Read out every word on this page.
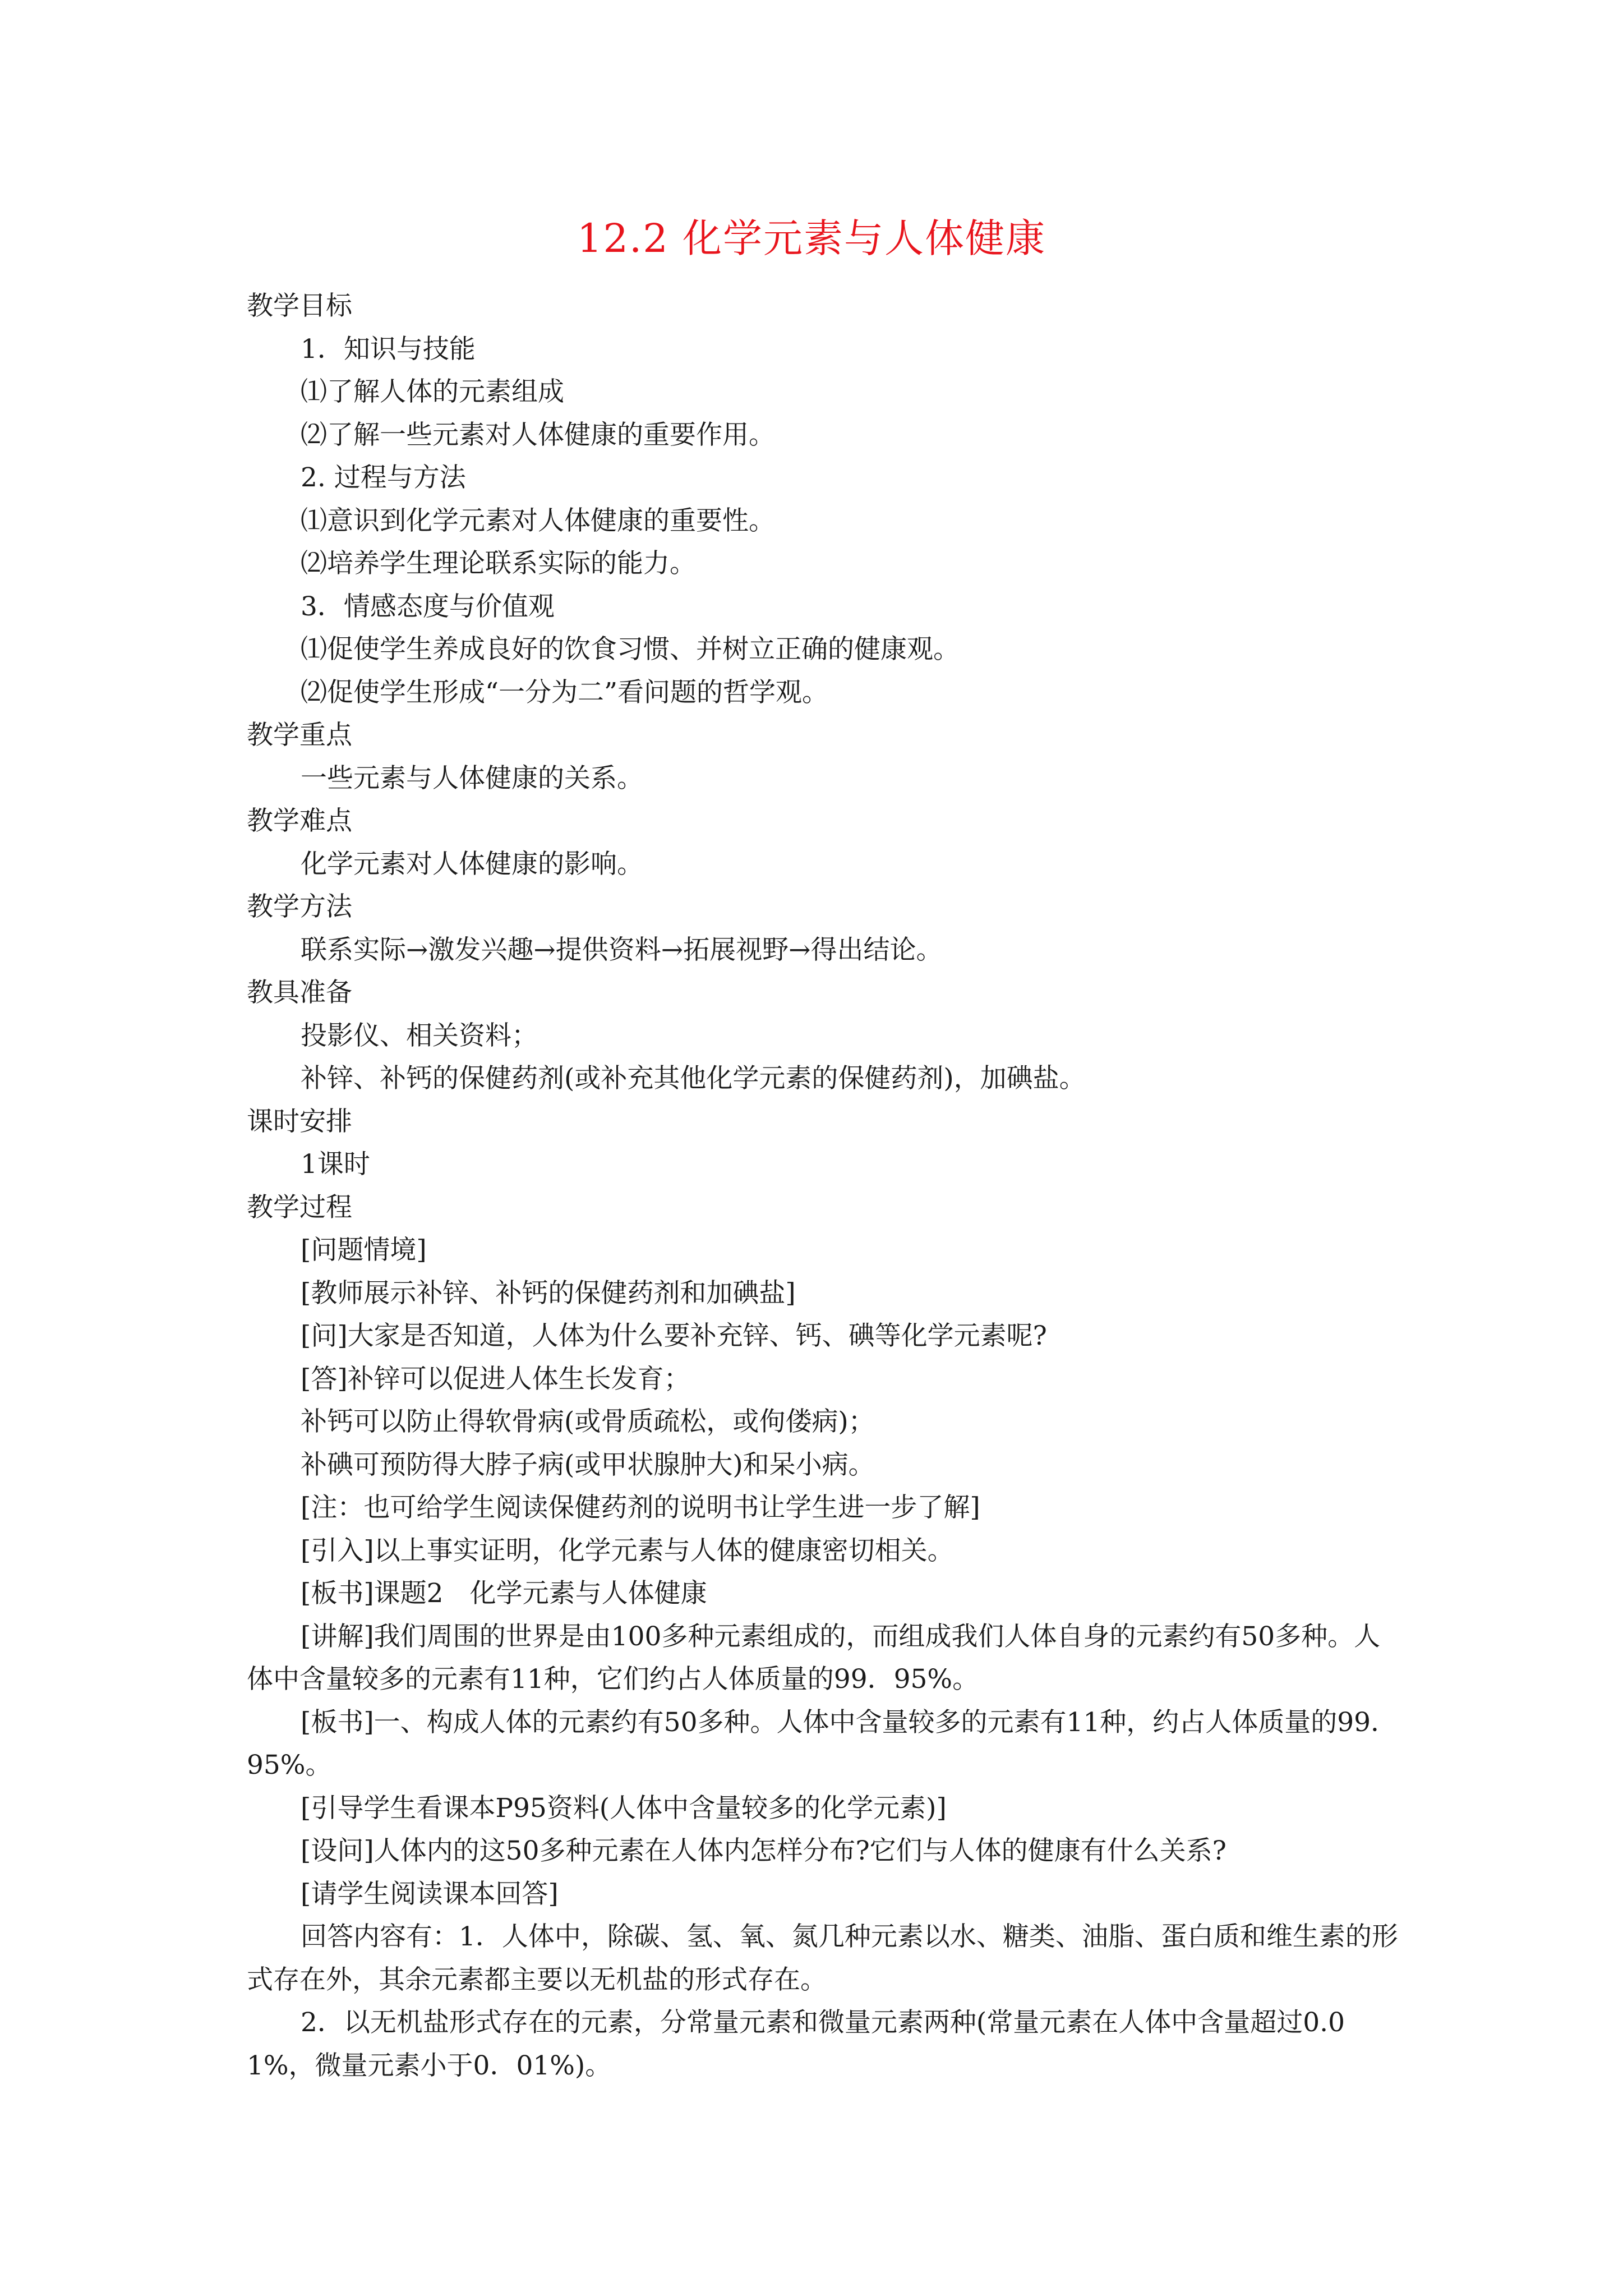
12.2 化学元素与人体健康

教学目标

1．知识与技能

⑴了解人体的元素组成

⑵了解一些元素对人体健康的重要作用。

2. 过程与方法

⑴意识到化学元素对人体健康的重要性。

⑵培养学生理论联系实际的能力。

3．情感态度与价值观

⑴促使学生养成良好的饮食习惯、并树立正确的健康观。

⑵促使学生形成“一分为二”看问题的哲学观。

教学重点

一些元素与人体健康的关系。

教学难点

化学元素对人体健康的影响。

教学方法

联系实际→激发兴趣→提供资料→拓展视野→得出结论。

教具准备

投影仪、相关资料；

补锌、补钙的保健药剂(或补充其他化学元素的保健药剂)，加碘盐。

课时安排

1课时

教学过程

[问题情境]

[教师展示补锌、补钙的保健药剂和加碘盐]

[问]大家是否知道，人体为什么要补充锌、钙、碘等化学元素呢?

[答]补锌可以促进人体生长发育；

补钙可以防止得软骨病(或骨质疏松，或佝偻病)；

补碘可预防得大脖子病(或甲状腺肿大)和呆小病。

[注：也可给学生阅读保健药剂的说明书让学生进一步了解]

[引入]以上事实证明，化学元素与人体的健康密切相关。

[板书]课题2　化学元素与人体健康

[讲解]我们周围的世界是由100多种元素组成的，而组成我们人体自身的元素约有50多种。人体中含量较多的元素有11种，它们约占人体质量的99．95%。

[板书]一、构成人体的元素约有50多种。人体中含量较多的元素有11种，约占人体质量的99．95%。

[引导学生看课本P95资料(人体中含量较多的化学元素)]

[设问]人体内的这50多种元素在人体内怎样分布?它们与人体的健康有什么关系?

[请学生阅读课本回答]

回答内容有：1．人体中，除碳、氢、氧、氮几种元素以水、糖类、油脂、蛋白质和维生素的形式存在外，其余元素都主要以无机盐的形式存在。

2．以无机盐形式存在的元素，分常量元素和微量元素两种(常量元素在人体中含量超过0.01%，微量元素小于0．01%)。
